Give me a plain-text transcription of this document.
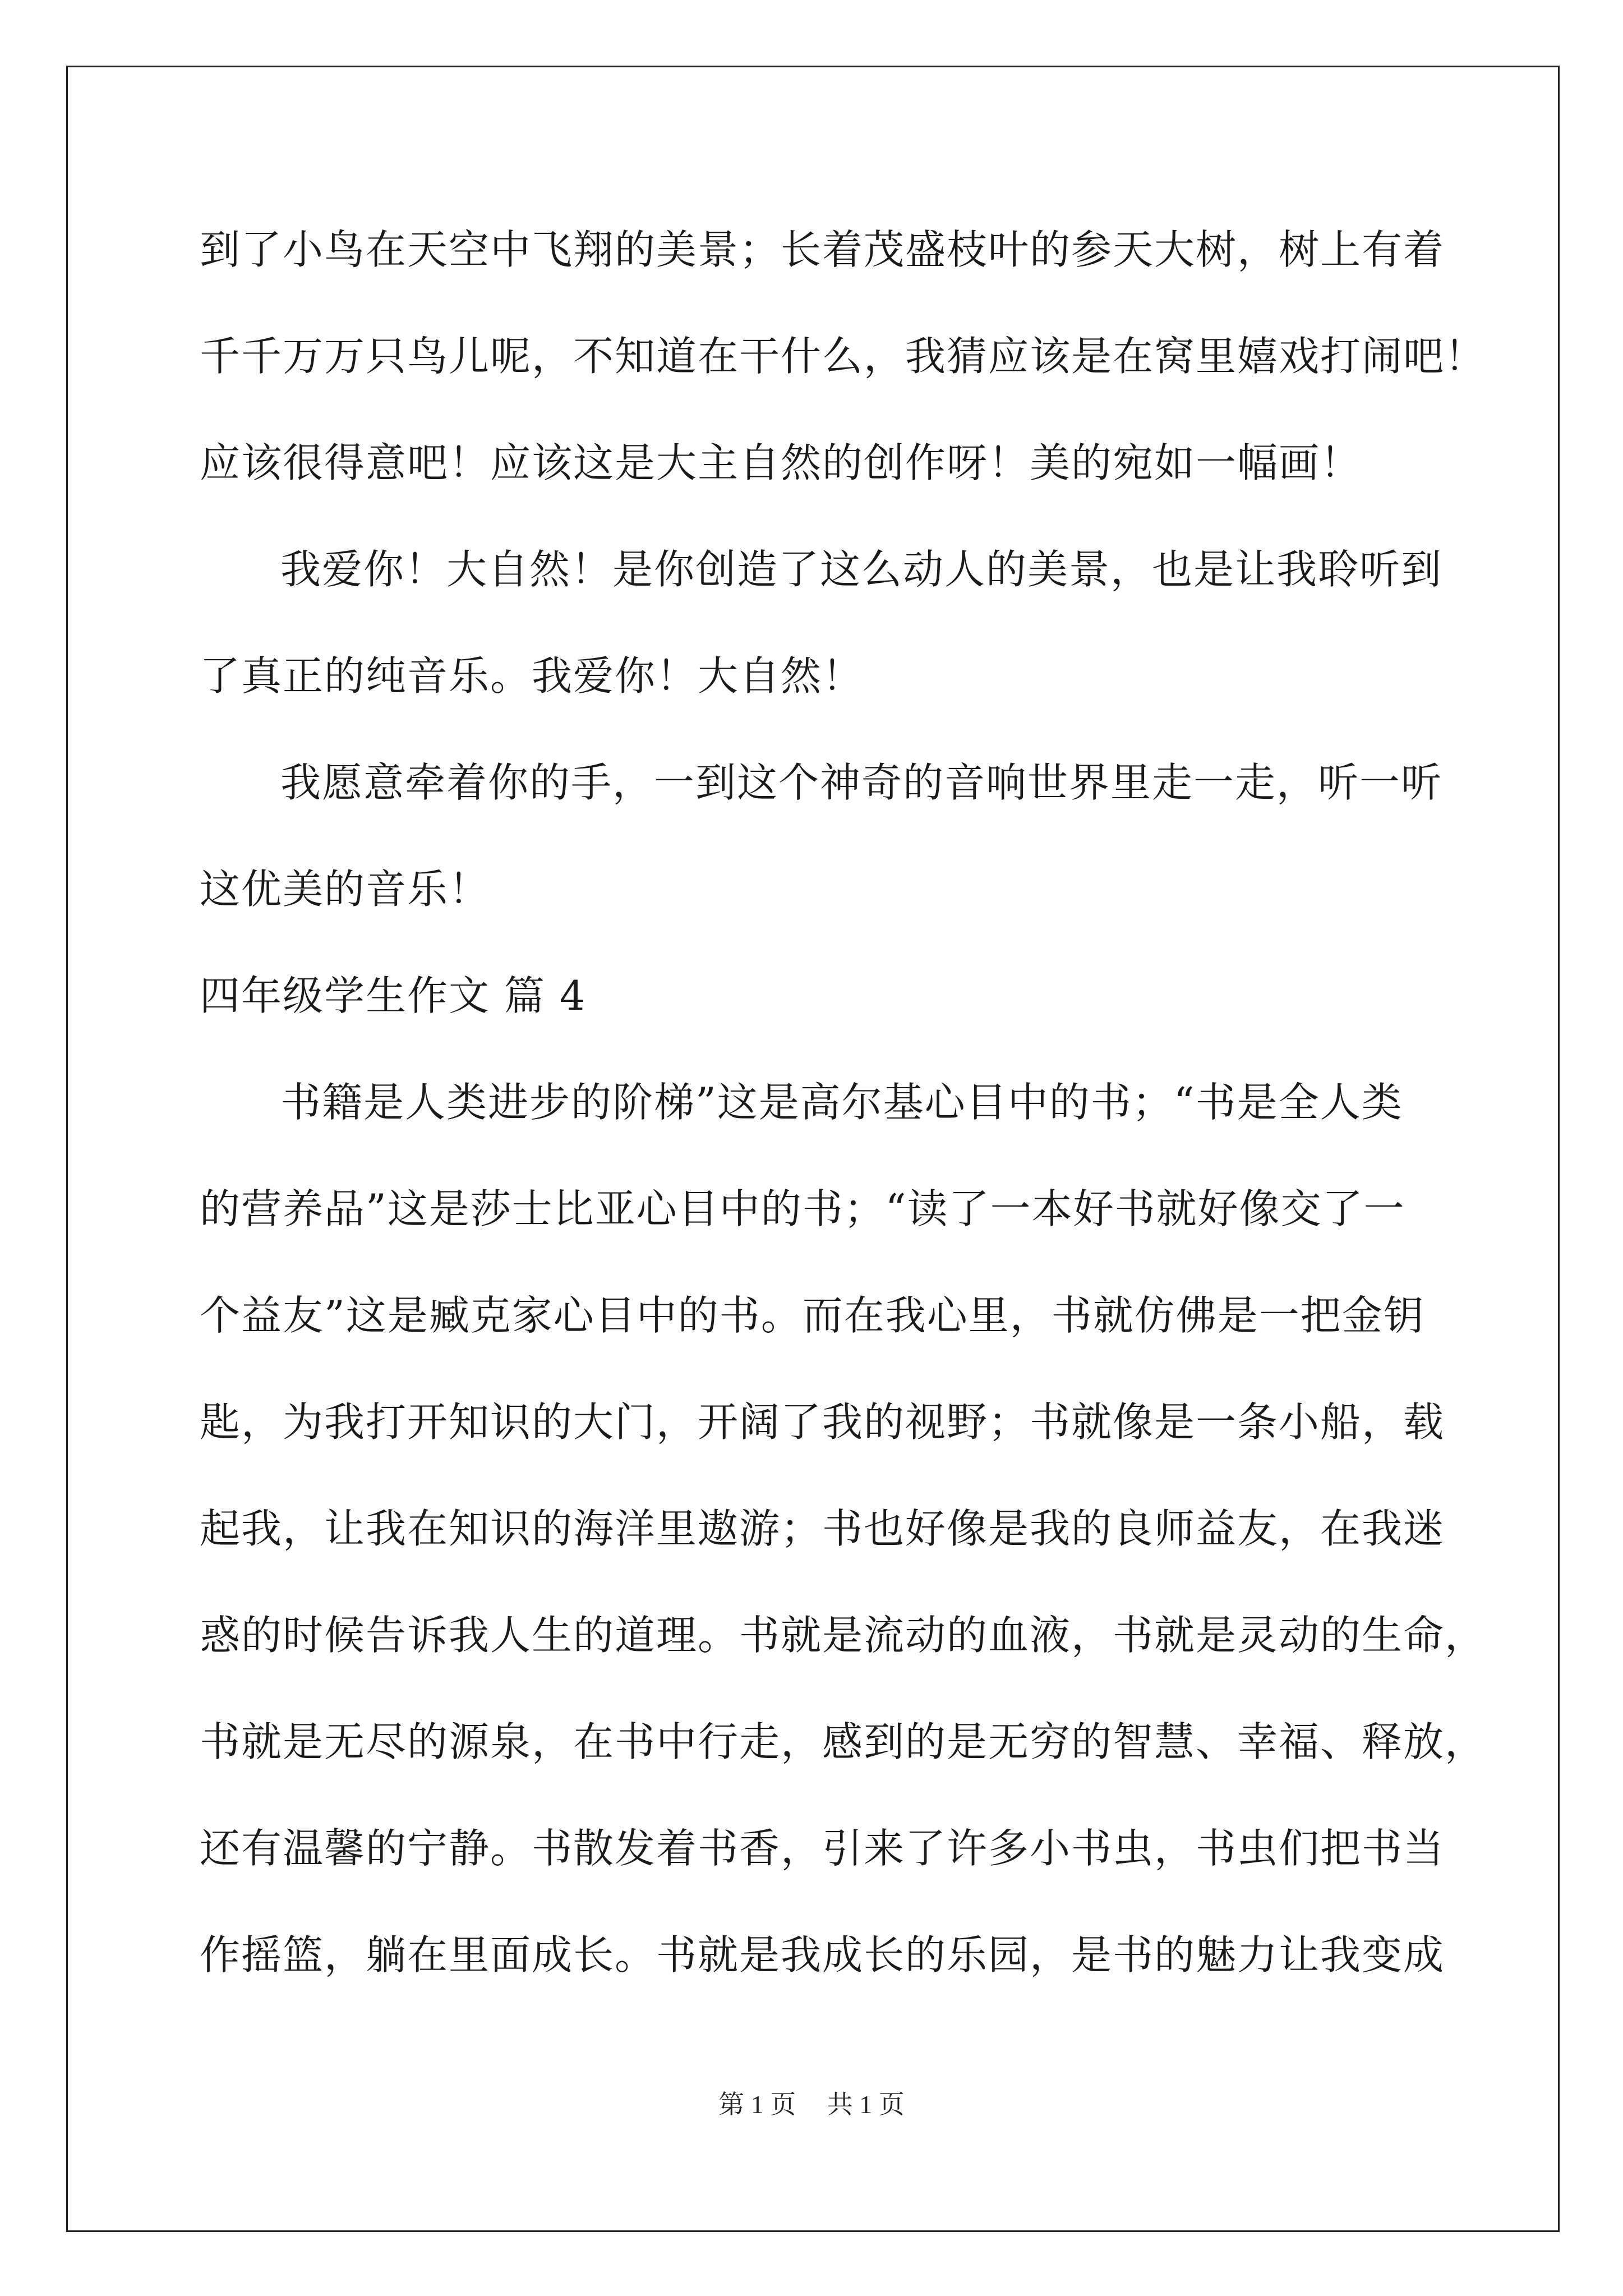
到了小鸟在天空中飞翔的美景；长着茂盛枝叶的参天大树，树上有着
千千万万只鸟儿呢，不知道在干什么，我猜应该是在窝里嬉戏打闹吧！
应该很得意吧！应该这是大主自然的创作呀！美的宛如一幅画！
我爱你！大自然！是你创造了这么动人的美景，也是让我聆听到
了真正的纯音乐。我爱你！大自然！
我愿意牵着你的手，一到这个神奇的音响世界里走一走，听一听
这优美的音乐！
四年级学生作文 篇 4
书籍是人类进步的阶梯”这是高尔基心目中的书；“书是全人类
的营养品”这是莎士比亚心目中的书；“读了一本好书就好像交了一
个益友”这是臧克家心目中的书。而在我心里，书就仿佛是一把金钥
匙，为我打开知识的大门，开阔了我的视野；书就像是一条小船，载
起我，让我在知识的海洋里遨游；书也好像是我的良师益友，在我迷
惑的时候告诉我人生的道理。书就是流动的血液，书就是灵动的生命，
书就是无尽的源泉，在书中行走，感到的是无穷的智慧、幸福、释放，
还有温馨的宁静。书散发着书香，引来了许多小书虫，书虫们把书当
作摇篮，躺在里面成长。书就是我成长的乐园，是书的魅力让我变成
第 1 页 共 1 页
